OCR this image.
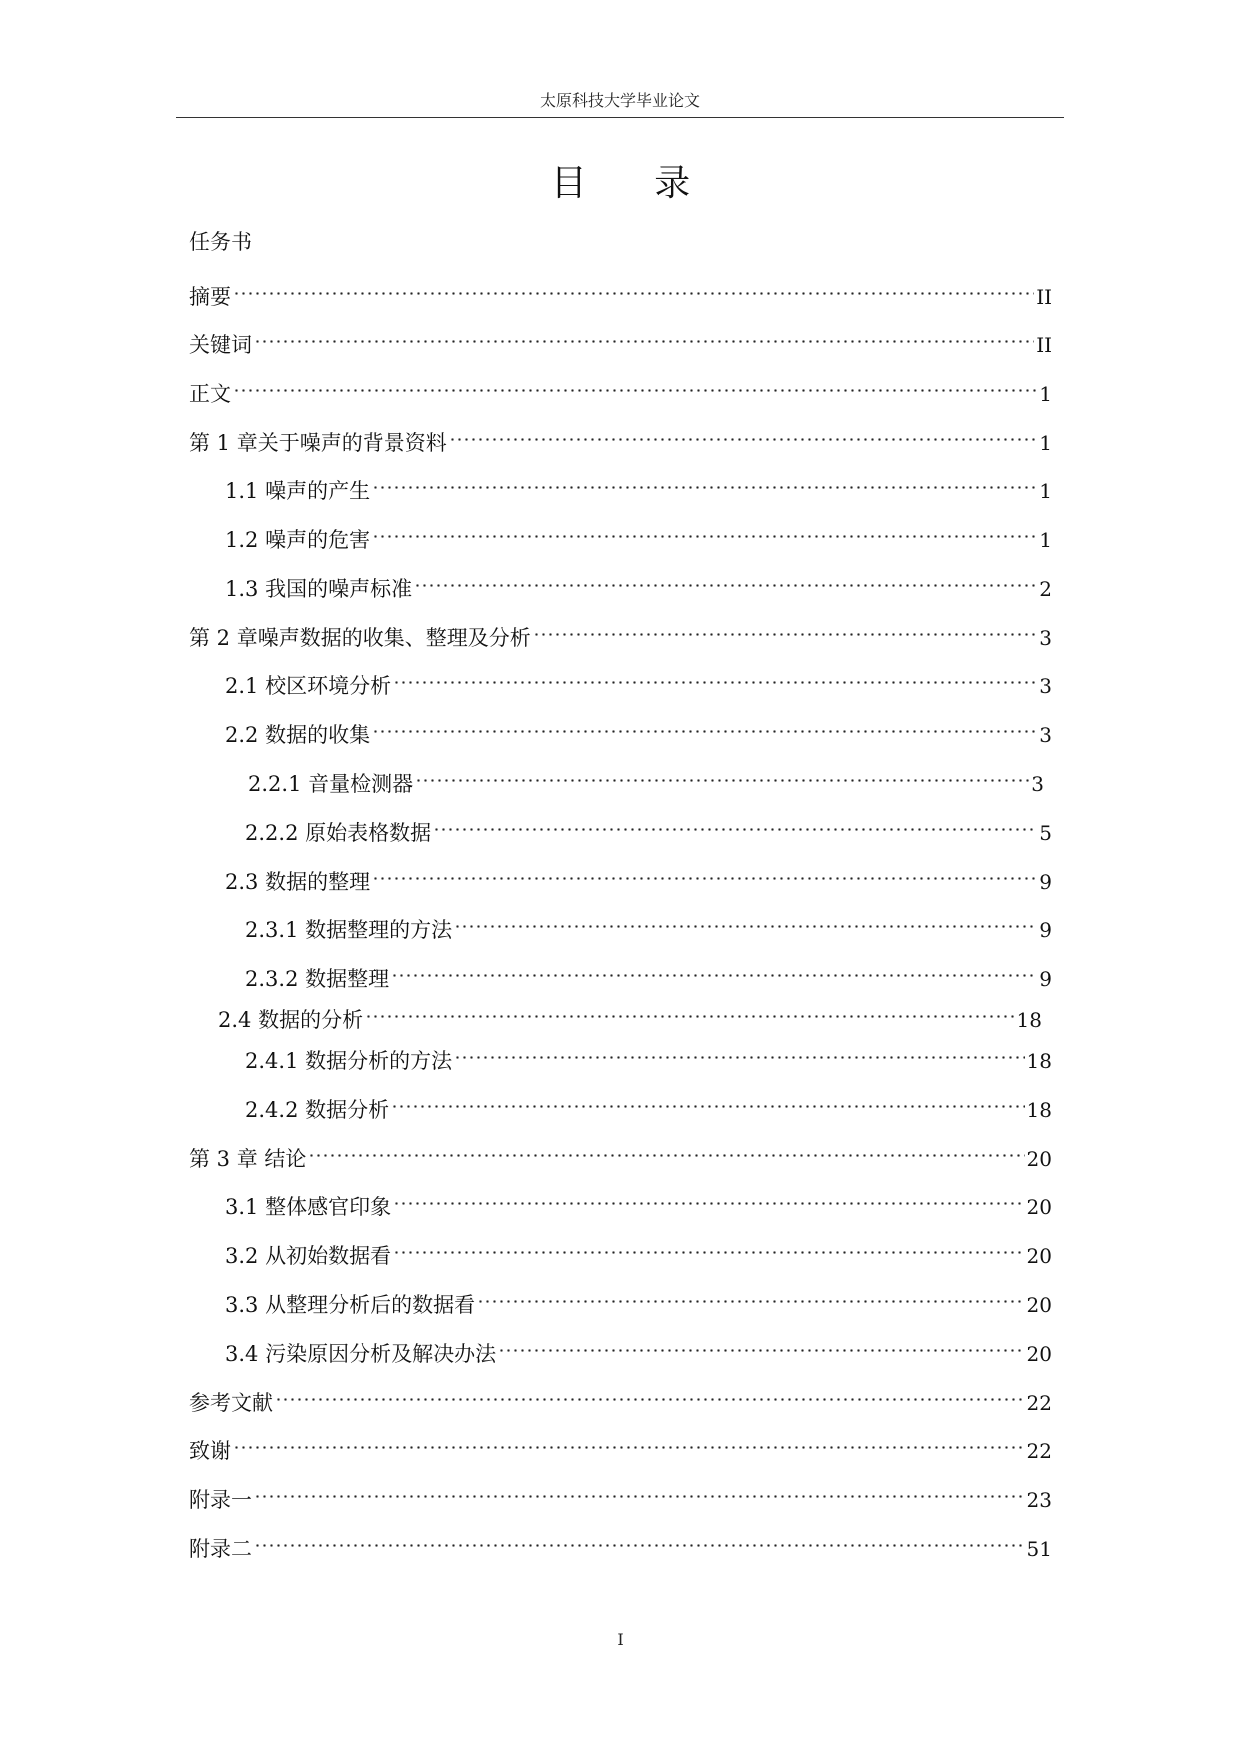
太原科技大学毕业论文
目 录
任务书
摘要	II
关键词	II
正文	1
第 1 章关于噪声的背景资料	1
1.1 噪声的产生	1
1.2 噪声的危害	1
1.3 我国的噪声标准	2
第 2 章噪声数据的收集、整理及分析	3
2.1 校区环境分析	3
2.2 数据的收集	3
2.2.1 音量检测器	3
2.2.2 原始表格数据	5
2.3 数据的整理	9
2.3.1 数据整理的方法	9
2.3.2 数据整理	9
2.4 数据的分析	18
2.4.1 数据分析的方法	18
2.4.2 数据分析	18
第 3 章 结论	20
3.1 整体感官印象	20
3.2 从初始数据看	20
3.3 从整理分析后的数据看	20
3.4 污染原因分析及解决办法	20
参考文献	22
致谢	22
附录一	23
附录二	51
I
